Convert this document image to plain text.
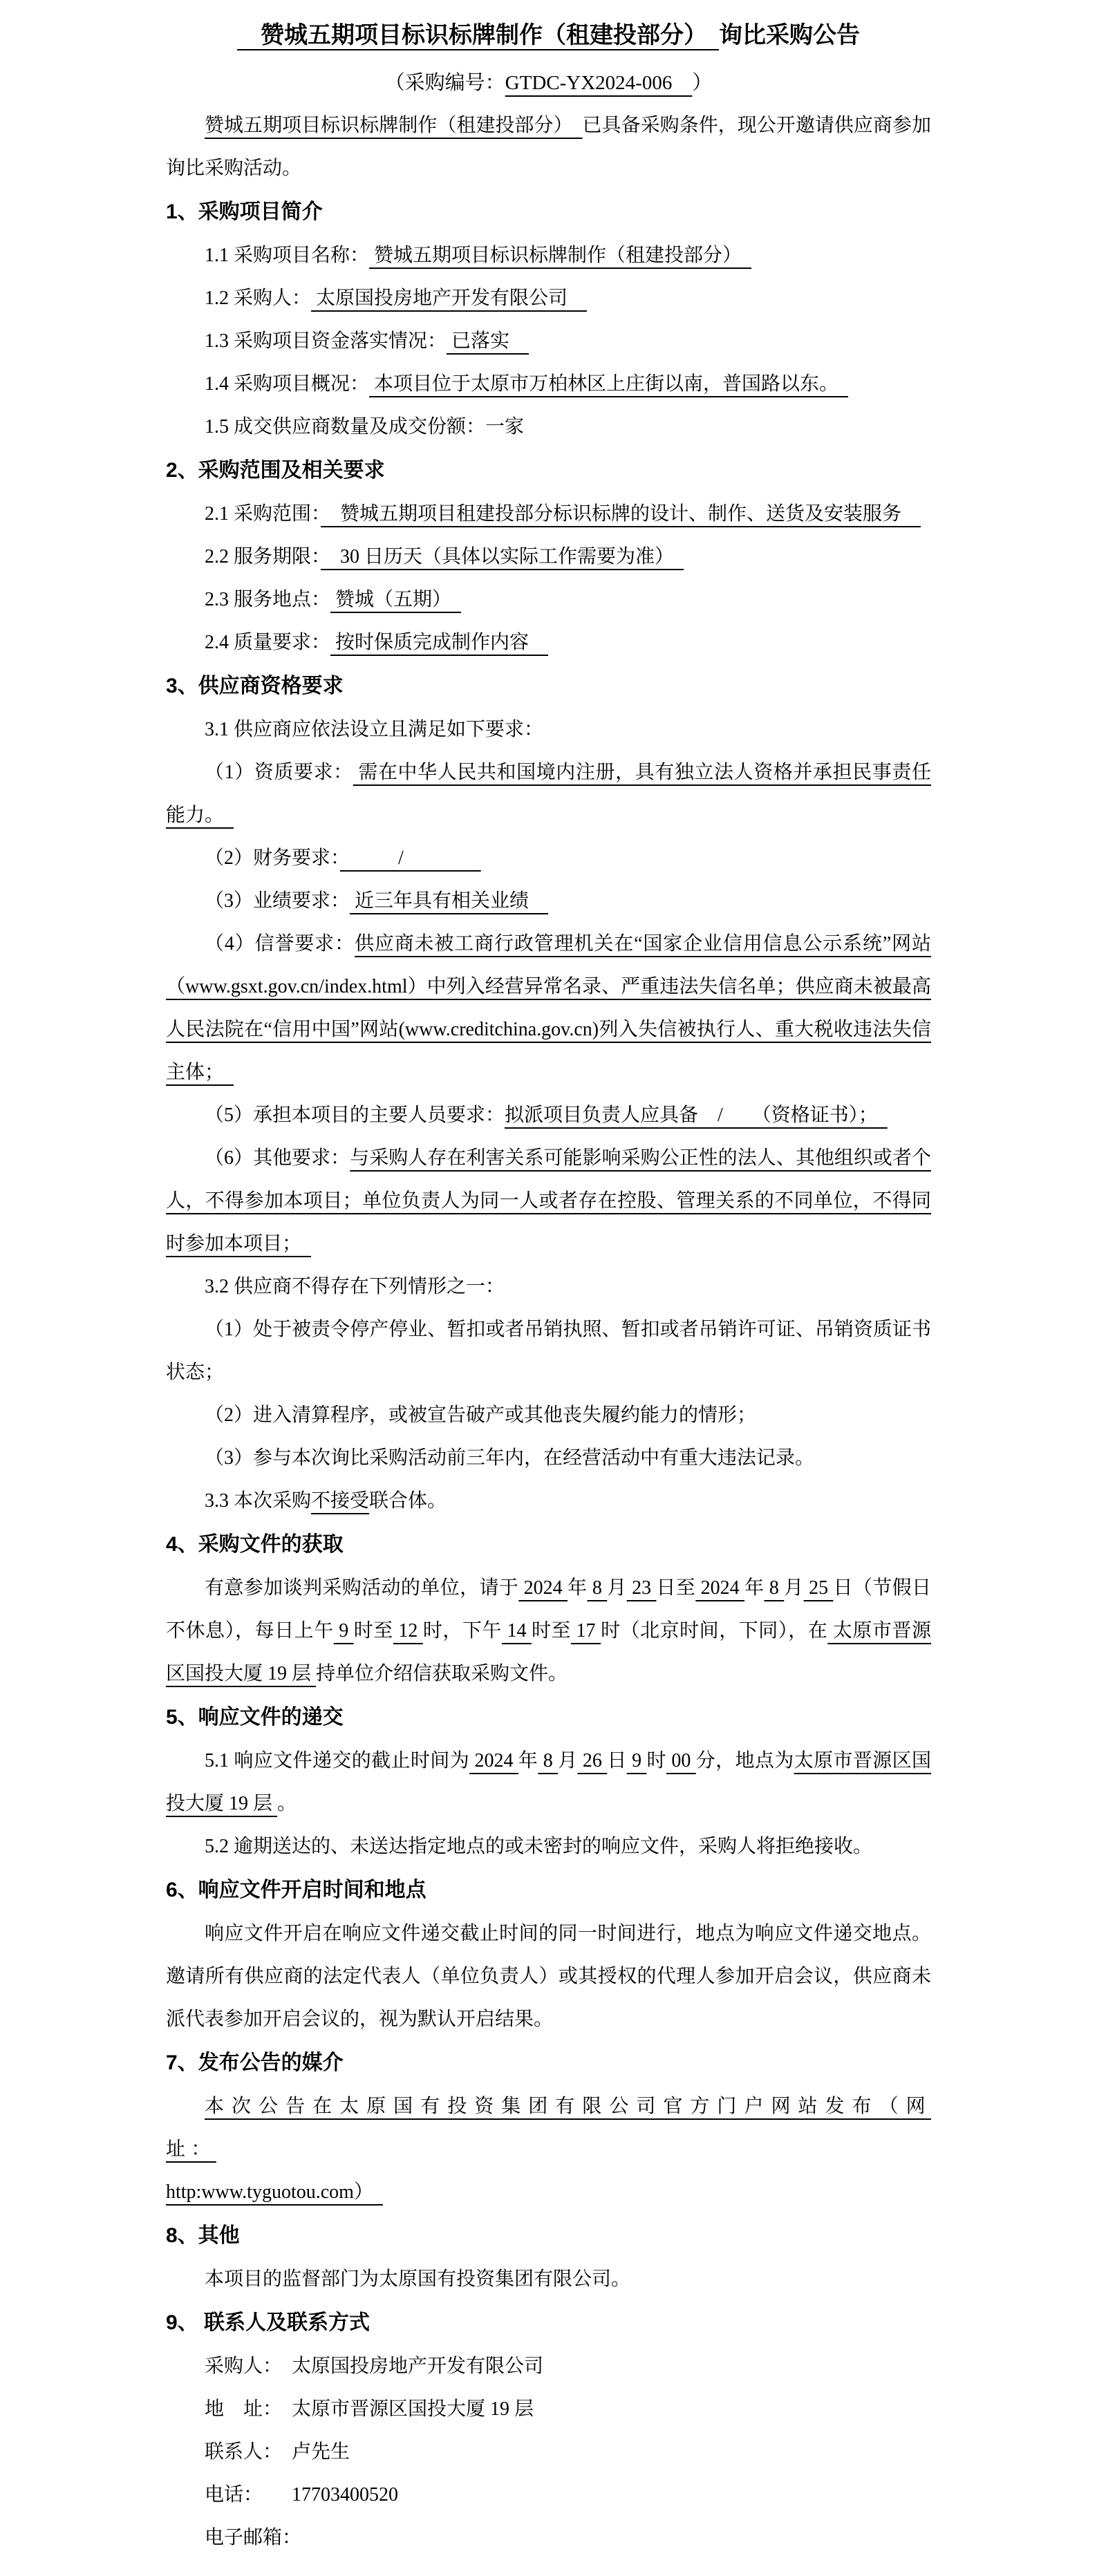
　赞城五期项目标识标牌制作（租建投部分）　询比采购公告

（采购编号：GTDC-YX2024-006　）

赞城五期项目标识标牌制作（租建投部分）　已具备采购条件，现公开邀请供应商参加询比采购活动。

1、采购项目简介

1.1 采购项目名称： 赞城五期项目标识标牌制作（租建投部分）　

1.2 采购人： 太原国投房地产开发有限公司　

1.3 采购项目资金落实情况： 已落实　

1.4 采购项目概况： 本项目位于太原市万柏林区上庄街以南，普国路以东。　

1.5 成交供应商数量及成交份额：一家

2、采购范围及相关要求

2.1 采购范围：　赞城五期项目租建投部分标识标牌的设计、制作、送货及安装服务　

2.2 服务期限：　30 日历天（具体以实际工作需要为准）　

2.3 服务地点： 赞城（五期）　

2.4 质量要求： 按时保质完成制作内容　

3、供应商资格要求

3.1 供应商应依法设立且满足如下要求：

（1）资质要求： 需在中华人民共和国境内注册，具有独立法人资格并承担民事责任能力。　

（2）财务要求：　　　/　　　　

（3）业绩要求： 近三年具有相关业绩　

（4）信誉要求：供应商未被工商行政管理机关在“国家企业信用信息公示系统”网站（www.gsxt.gov.cn/index.html）中列入经营异常名录、严重违法失信名单；供应商未被最高人民法院在“信用中国”网站(www.creditchina.gov.cn)列入失信被执行人、重大税收违法失信主体；　

（5）承担本项目的主要人员要求：拟派项目负责人应具备　/　　（资格证书）；　

（6）其他要求：与采购人存在利害关系可能影响采购公正性的法人、其他组织或者个人，不得参加本项目；单位负责人为同一人或者存在控股、管理关系的不同单位，不得同时参加本项目；　

3.2 供应商不得存在下列情形之一：

（1）处于被责令停产停业、暂扣或者吊销执照、暂扣或者吊销许可证、吊销资质证书状态；

（2）进入清算程序，或被宣告破产或其他丧失履约能力的情形；

（3）参与本次询比采购活动前三年内，在经营活动中有重大违法记录。

3.3 本次采购不接受联合体。

4、采购文件的获取

有意参加谈判采购活动的单位，请于 2024 年 8 月 23 日至 2024 年 8 月 25 日（节假日不休息），每日上午 9 时至 12 时，下午 14 时至 17 时（北京时间，下同），在 太原市晋源区国投大厦 19 层 持单位介绍信获取采购文件。

5、响应文件的递交

5.1 响应文件递交的截止时间为 2024 年 8 月 26 日 9 时 00 分，地点为太原市晋源区国投大厦 19 层 。

5.2 逾期送达的、未送达指定地点的或未密封的响应文件，采购人将拒绝接收。

6、响应文件开启时间和地点

响应文件开启在响应文件递交截止时间的同一时间进行，地点为响应文件递交地点。邀请所有供应商的法定代表人（单位负责人）或其授权的代理人参加开启会议，供应商未派代表参加开启会议的，视为默认开启结果。

7、发布公告的媒介

本次公告在太原国有投资集团有限公司官方门户网站发布（网址：
http:www.tyguotou.com）　

8、其他

本项目的监督部门为太原国有投资集团有限公司。

9、 联系人及联系方式

采购人：　太原国投房地产开发有限公司

地　址：　太原市晋源区国投大厦 19 层

联系人：　卢先生

电话：　　17703400520

电子邮箱：
